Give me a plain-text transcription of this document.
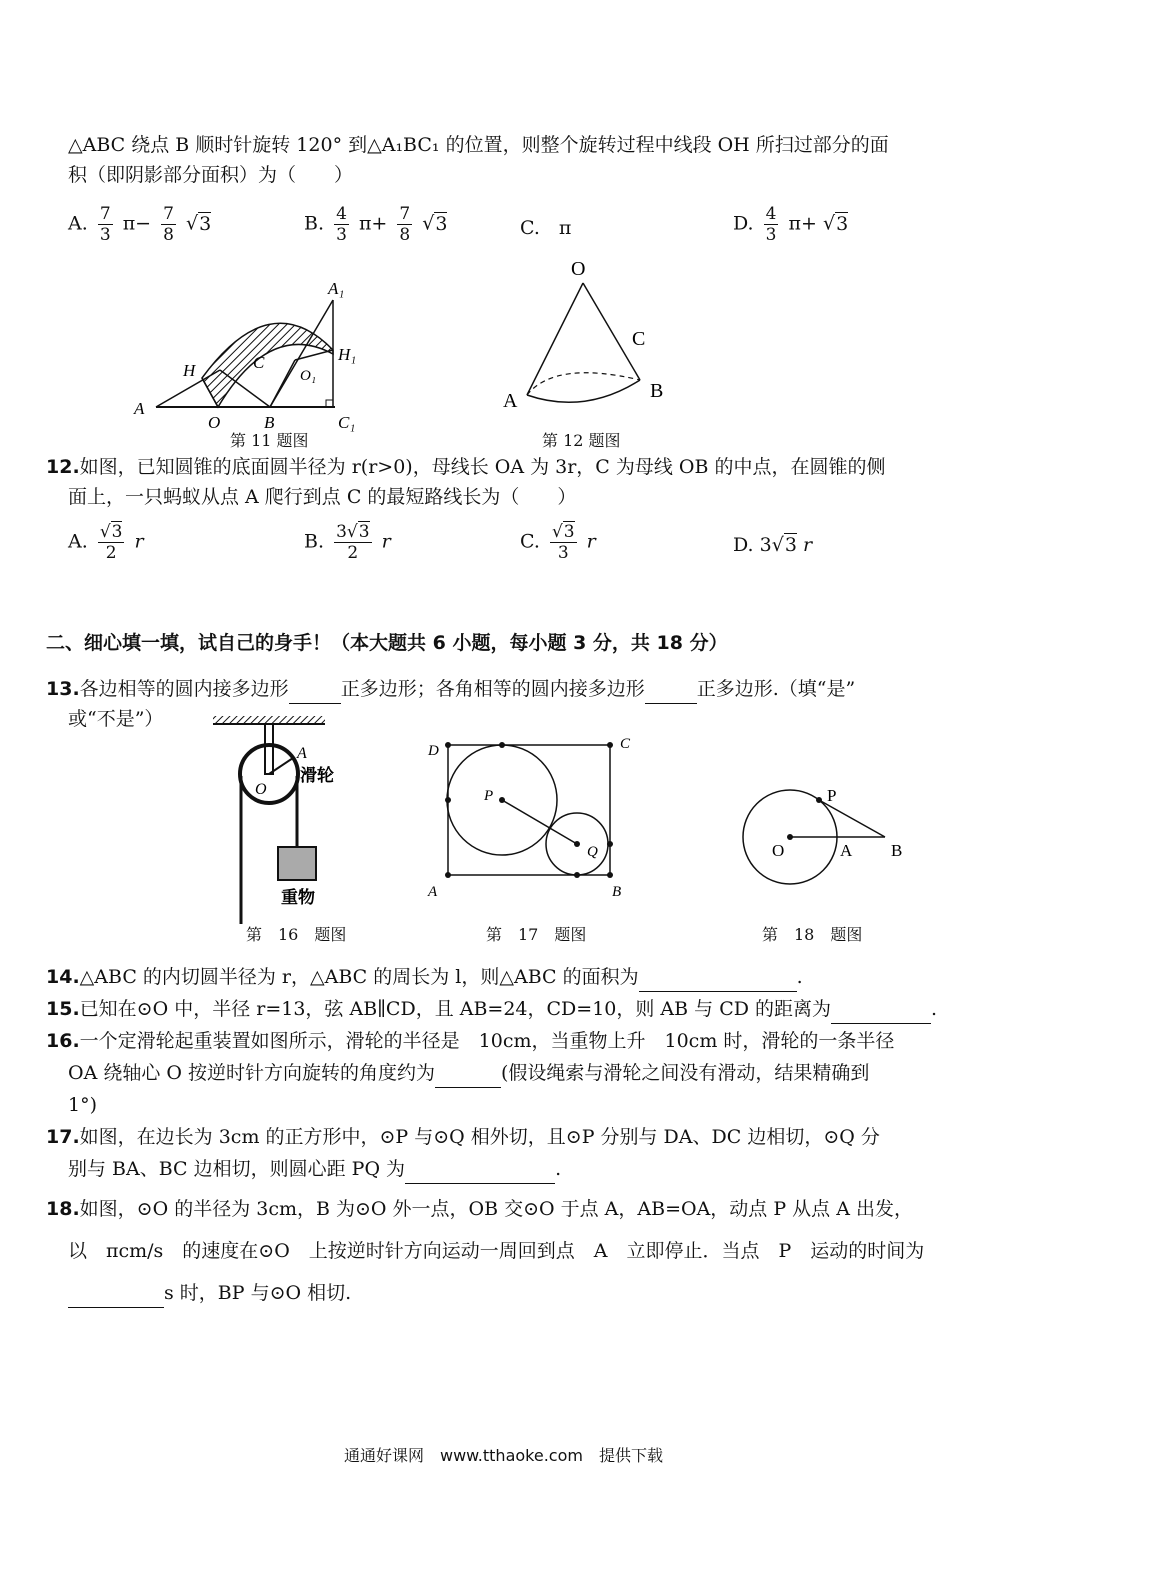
△ABC 绕点 B 顺时针旋转 120° 到△A₁BC₁ 的位置，则整个旋转过程中线段 OH 所扫过部分的面
积（即阴影部分面积）为（　　）
A. $\frac{7}{3} \pi- \frac{7}{8} √3$	B. $\frac{4}{3} \pi+ \frac{7}{8} √3$	C.　π	D. $\frac{4}{3} \pi+ √3$
A
O	B
C
H
A₁
H₁
O₁
C₁
第 11 题图
O
C
A	B
第 12 题图
12.如图，已知圆锥的底面圆半径为 r(r>0)，母线长 OA 为 3r，C 为母线 OB 的中点，在圆锥的侧
面上，一只蚂蚁从点 A 爬行到点 C 的最短路线长为（　　）
A. $\frac{√3}{2}$ r	B. $\frac{3√3}{2}$ r	C. $\frac{√3}{3}$ r	D. 3√3 r
二、细心填一填，试自己的身手！（本大题共 6 小题，每小题 3 分，共 18 分）
13.各边相等的圆内接多边形	正多边形；各角相等的圆内接多边形	正多边形.（填“是”
或“不是”）
A
O
滑轮
重物
第　16　题图
D	C
A	B
P
Q
第　17　题图
O	A B
P
第　18　题图
14.△ABC 的内切圆半径为 r，△ABC 的周长为 l，则△ABC 的面积为	.
15.已知在⊙O 中，半径 r=13，弦 AB∥CD，且 AB=24，CD=10，则 AB 与 CD 的距离为	.
16.一个定滑轮起重装置如图所示，滑轮的半径是　10cm，当重物上升　10cm 时，滑轮的一条半径
OA 绕轴心 O 按逆时针方向旋转的角度约为	(假设绳索与滑轮之间没有滑动，结果精确到
1°)
17.如图，在边长为 3cm 的正方形中，⊙P 与⊙Q 相外切，且⊙P 分别与 DA、DC 边相切，⊙Q 分
别与 BA、BC 边相切，则圆心距 PQ 为	.
18.如图，⊙O 的半径为 3cm，B 为⊙O 外一点，OB 交⊙O 于点 A，AB=OA，动点 P 从点 A 出发，
以　πcm/s　的速度在⊙O　上按逆时针方向运动一周回到点　A　立即停止．当点　P　运动的时间为
s 时，BP 与⊙O 相切.
通通好课网　www.tthaoke.com　提供下载
